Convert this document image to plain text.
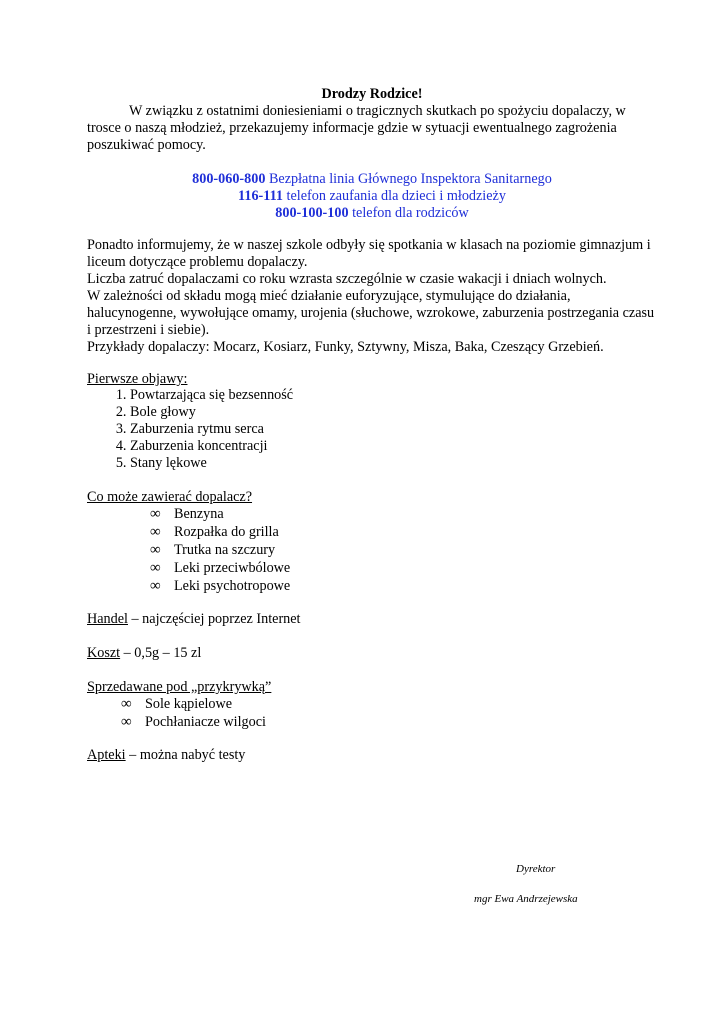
Drodzy Rodzice!

W związku z ostatnimi doniesieniami o tragicznych skutkach po spożyciu dopalaczy, w trosce o naszą młodzież, przekazujemy informacje gdzie w sytuacji ewentualnego zagrożenia poszukiwać pomocy.

800-060-800 Bezpłatna linia Głównego Inspektora Sanitarnego
116-111 telefon zaufania dla dzieci i młodzieży
800-100-100 telefon dla rodziców

Ponadto informujemy, że w naszej szkole odbyły się spotkania w klasach na poziomie gimnazjum i liceum dotyczące problemu dopalaczy.

Liczba zatruć dopalaczami co roku wzrasta szczególnie w czasie wakacji i dniach wolnych.

W zależności od składu mogą mieć działanie euforyzujące, stymulujące do działania, halucynogenne, wywołujące omamy, urojenia (słuchowe, wzrokowe, zaburzenia postrzegania czasu i przestrzeni i siebie).

Przykłady dopalaczy: Mocarz, Kosiarz, Funky, Sztywny, Misza, Baka, Czeszący Grzebień.

Pierwsze objawy:
1. Powtarzająca się bezsenność
2. Bole głowy
3. Zaburzenia rytmu serca
4. Zaburzenia koncentracji
5. Stany lękowe
Co może zawierać dopalacz?
∞ Benzyna
∞ Rozpałka do grilla
∞ Trutka na szczury
∞ Leki przeciwbólowe
∞ Leki psychotropowe
Handel – najczęściej poprzez Internet
Koszt – 0,5g – 15 zl
Sprzedawane pod „przykrywką”
∞ Sole kąpielowe
∞ Pochłaniacze wilgoci
Apteki – można nabyć testy
Dyrektor
mgr Ewa Andrzejewska
